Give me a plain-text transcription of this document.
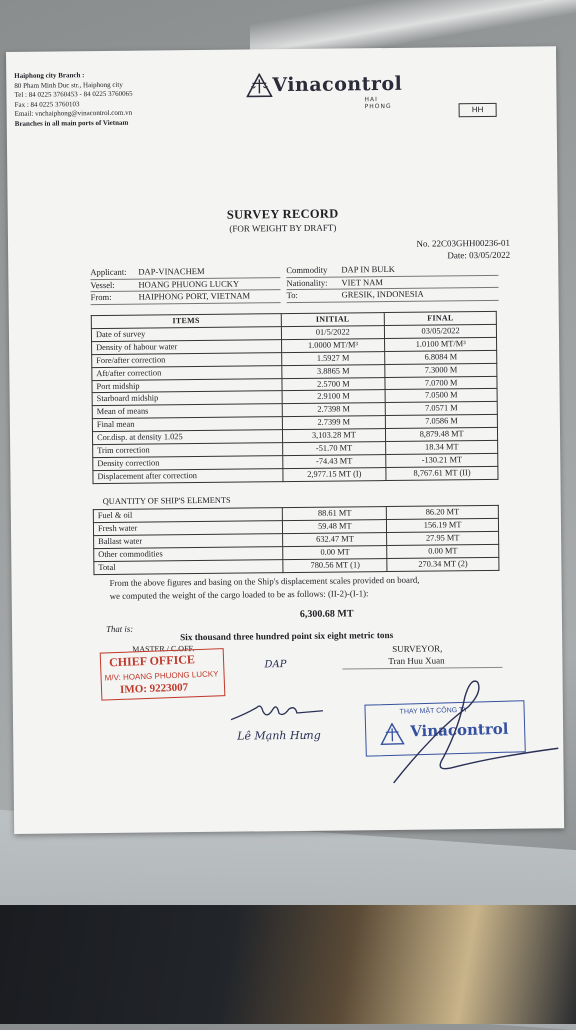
Haiphong city Branch :
80 Pham Minh Duc str., Haiphong city
Tel : 84 0225 3760453 - 84 0225 3760065
Fax : 84 0225 3760103
Email: vnchaiphong@vinacontrol.com.vn
Branches in all main ports of Vietnam
Vinacontrol
HAI PHONG	HH
SURVEY RECORD
(FOR WEIGHT BY DRAFT)
No. 22C03GHH00236-01
Date: 03/05/2022
Applicant: DAP-VINACHEM
Vessel:	HOANG PHUONG LUCKY
From:	HAIPHONG PORT, VIETNAM
Commodity DAP IN BULK
Nationality: VIET NAM
To:	GRESIK, INDONESIA
ITEMS	INITIAL	FINAL
Date of survey	01/5/2022	03/05/2022
Density of habour water	1.0000 MT/M³	1.0100 MT/M³
Fore/after correction	1.5927 M	6.8084 M
Aft/after correction	3.8865 M	7.3000 M
Port midship	2.5700 M	7.0700 M
Starboard midship	2.9100 M	7.0500 M
Mean of means	2.7398 M	7.0571 M
Final mean	2.7399 M	7.0586 M
Cor.disp. at density 1.025	3,103.28 MT	8,879.48 MT
Trim correction	-51.70 MT	18.34 MT
Density correction	-74.43 MT	-130.21 MT
Displacement after correction	2,977.15 MT (I)	8,767.61 MT (II)
QUANTITY OF SHIP'S ELEMENTS
Fuel & oil	88.61 MT	86.20 MT
Fresh water	59.48 MT	156.19 MT
Ballast water	632.47 MT	27.95 MT
Other commodities	0.00 MT	0.00 MT
Total	780.56 MT (1)	270.34 MT (2)
From the above figures and basing on the Ship's displacement scales provided on board,
we computed the weight of the cargo loaded to be as follows: (II-2)-(I-1):
6,300.68 MT
That is:
Six thousand three hundred point six eight metric tons
MASTER / C.OFF.
CHIEF OFFICE
M/V: HOANG PHUONG LUCKY
IMO: 9223007
DAP
SURVEYOR,
Tran Huu Xuan
Lê Mạnh Hưng
THAY MẶT CÔNG TY
Vinacontrol
